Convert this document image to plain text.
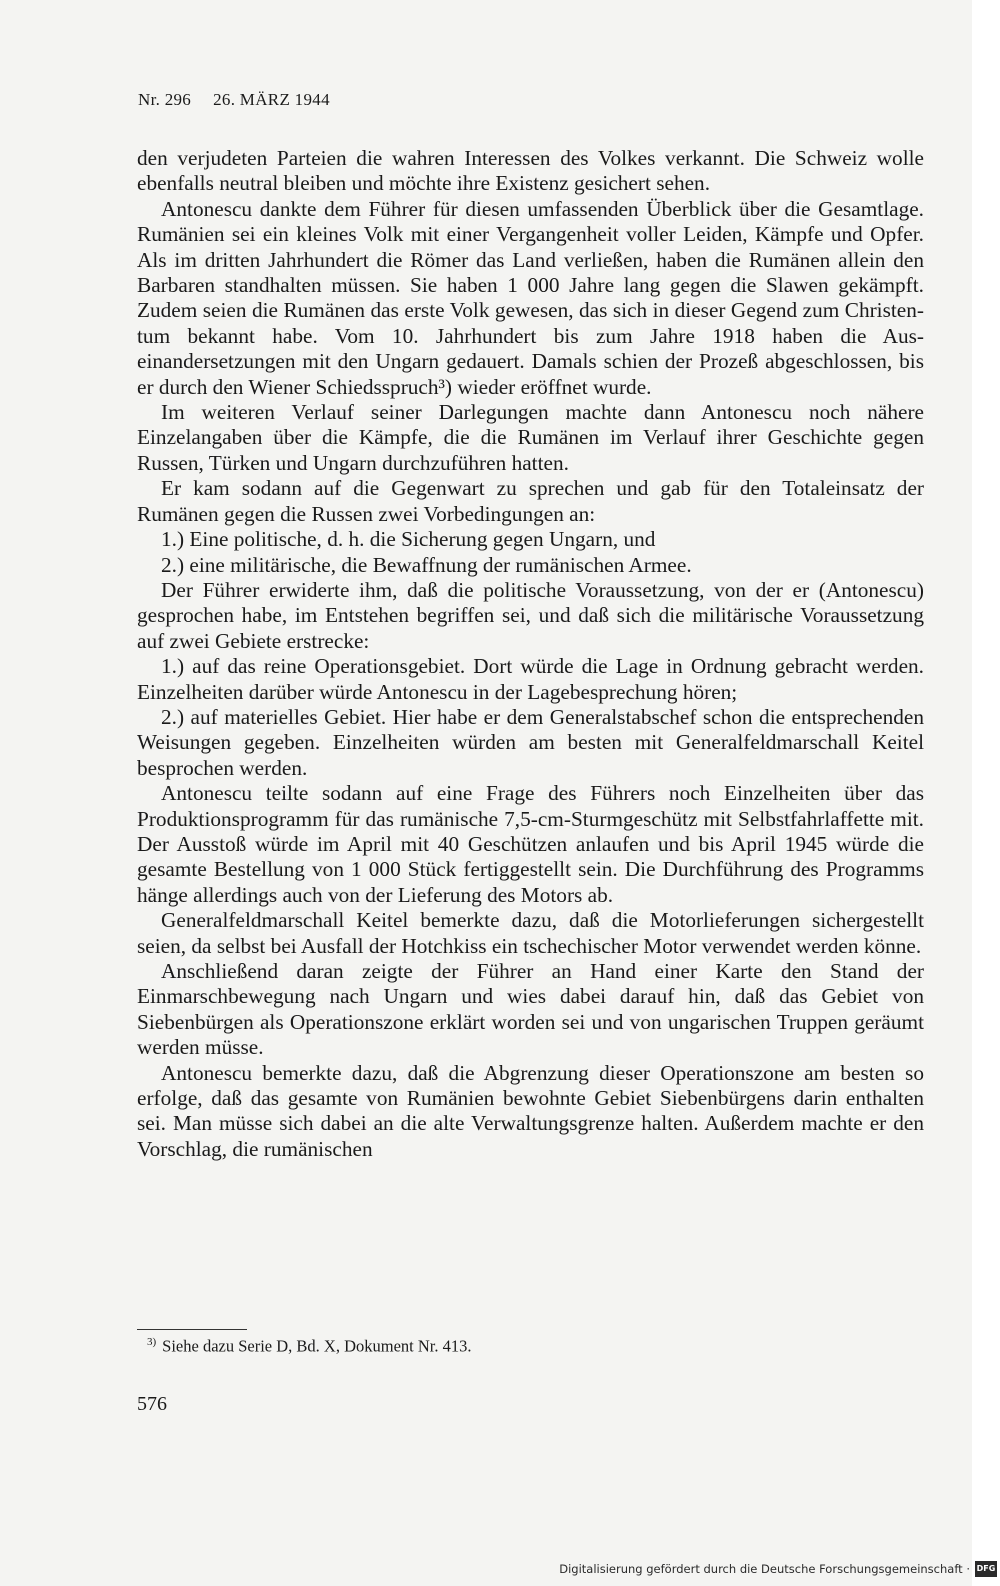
Nr. 296 26. MÄRZ 1944

den verjudeten Parteien die wahren Interessen des Volkes verkannt. Die Schweiz wolle ebenfalls neutral bleiben und möchte ihre Existenz gesichert sehen.

Antonescu dankte dem Führer für diesen umfassenden Überblick über die Gesamtlage. Rumänien sei ein kleines Volk mit einer Vergangenheit voller Leiden, Kämpfe und Opfer. Als im dritten Jahrhundert die Römer das Land verließen, haben die Rumänen allein den Barbaren standhalten müssen. Sie haben 1 000 Jahre lang gegen die Slawen gekämpft. Zudem seien die Rumänen das erste Volk gewesen, das sich in dieser Gegend zum Christentum bekannt habe. Vom 10. Jahrhundert bis zum Jahre 1918 haben die Auseinandersetzungen mit den Ungarn gedauert. Damals schien der Prozeß abgeschlossen, bis er durch den Wiener Schiedsspruch³) wieder eröffnet wurde.

Im weiteren Verlauf seiner Darlegungen machte dann Antonescu noch nähere Einzelangaben über die Kämpfe, die die Rumänen im Verlauf ihrer Geschichte gegen Russen, Türken und Ungarn durchzuführen hatten.

Er kam sodann auf die Gegenwart zu sprechen und gab für den Totaleinsatz der Rumänen gegen die Russen zwei Vorbedingungen an:

1.) Eine politische, d. h. die Sicherung gegen Ungarn, und

2.) eine militärische, die Bewaffnung der rumänischen Armee.

Der Führer erwiderte ihm, daß die politische Voraussetzung, von der er (Antonescu) gesprochen habe, im Entstehen begriffen sei, und daß sich die militärische Voraussetzung auf zwei Gebiete erstrecke:

1.) auf das reine Operationsgebiet. Dort würde die Lage in Ordnung gebracht werden. Einzelheiten darüber würde Antonescu in der Lagebesprechung hören;

2.) auf materielles Gebiet. Hier habe er dem Generalstabschef schon die entsprechenden Weisungen gegeben. Einzelheiten würden am besten mit Generalfeldmarschall Keitel besprochen werden.

Antonescu teilte sodann auf eine Frage des Führers noch Einzelheiten über das Produktionsprogramm für das rumänische 7,5-cm-Sturmgeschütz mit Selbstfahrlaffette mit. Der Ausstoß würde im April mit 40 Geschützen anlaufen und bis April 1945 würde die gesamte Bestellung von 1 000 Stück fertiggestellt sein. Die Durchführung des Programms hänge allerdings auch von der Lieferung des Motors ab.

Generalfeldmarschall Keitel bemerkte dazu, daß die Motorlieferungen sichergestellt seien, da selbst bei Ausfall der Hotchkiss ein tschechischer Motor verwendet werden könne.

Anschließend daran zeigte der Führer an Hand einer Karte den Stand der Einmarschbewegung nach Ungarn und wies dabei darauf hin, daß das Gebiet von Siebenbürgen als Operationszone erklärt worden sei und von ungarischen Truppen geräumt werden müsse.

Antonescu bemerkte dazu, daß die Abgrenzung dieser Operationszone am besten so erfolge, daß das gesamte von Rumänien bewohnte Gebiet Siebenbürgens darin enthalten sei. Man müsse sich dabei an die alte Verwaltungsgrenze halten. Außerdem machte er den Vorschlag, die rumänischen

$^{3)}$ Siehe dazu Serie D, Bd. X, Dokument Nr. 413.
576
Digitalisierung gefördert durch die Deutsche Forschungsgemeinschaft · DFG
